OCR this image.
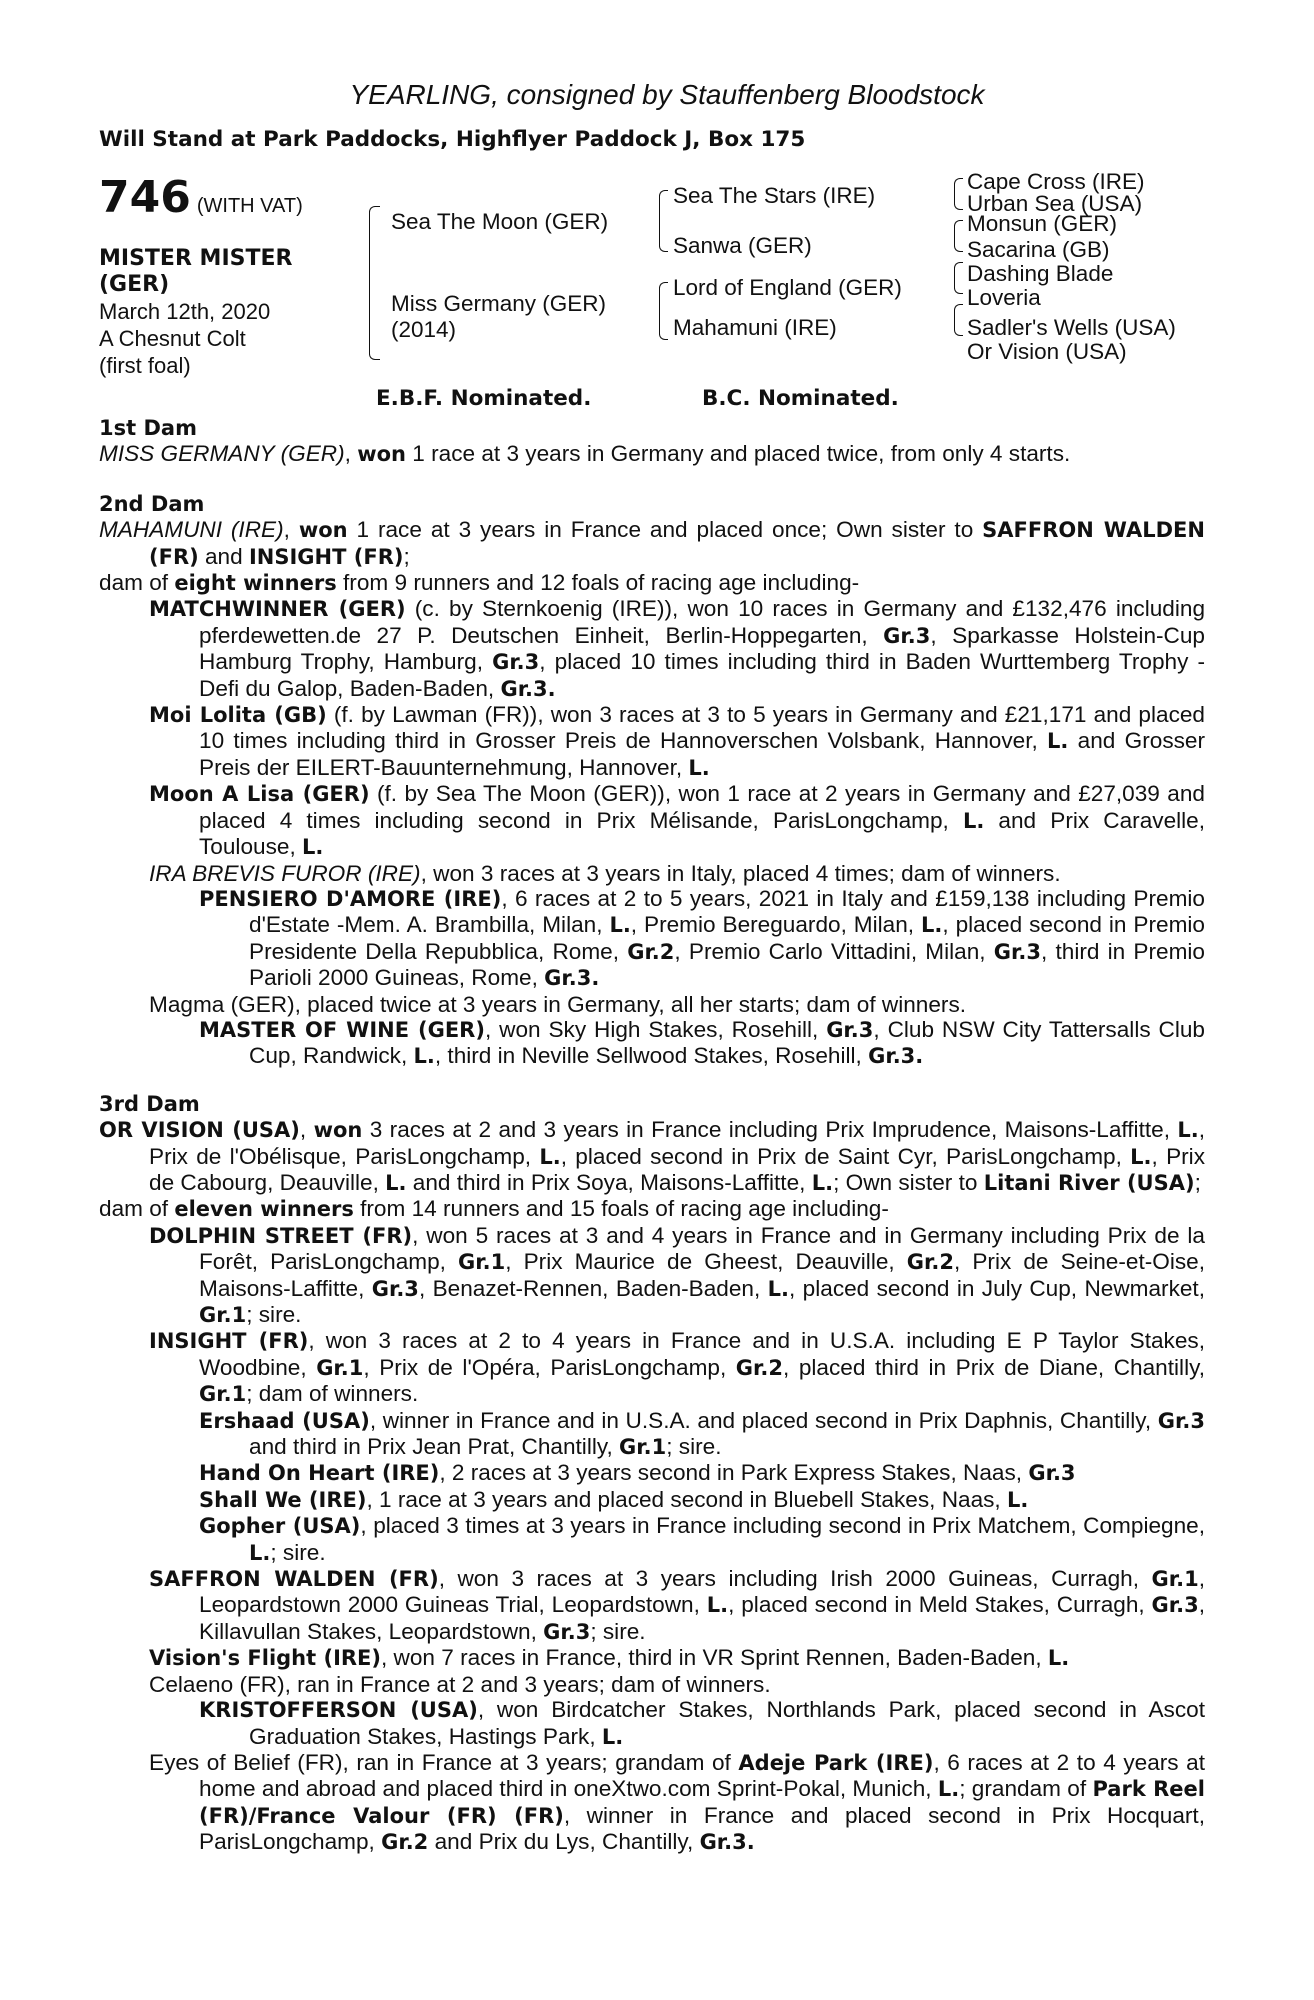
YEARLING, consigned by Stauffenberg Bloodstock
Will Stand at Park Paddocks, Highflyer Paddock J, Box 175
746 (WITH VAT)
MISTER MISTER
(GER)
March 12th, 2020
A Chesnut Colt
(first foal)
Sea The Moon (GER)
Miss Germany (GER)
(2014)
Sea The Stars (IRE)
Sanwa (GER)
Lord of England (GER)
Mahamuni (IRE)
Cape Cross (IRE)
Urban Sea (USA)
Monsun (GER)
Sacarina (GB)
Dashing Blade
Loveria
Sadler's Wells (USA)
Or Vision (USA)
E.B.F. Nominated.	B.C. Nominated.
1st Dam
MISS GERMANY (GER), won 1 race at 3 years in Germany and placed twice, from only 4 starts.
2nd Dam
MAHAMUNI (IRE), won 1 race at 3 years in France and placed once; Own sister to SAFFRON WALDEN (FR) and INSIGHT (FR);
dam of eight winners from 9 runners and 12 foals of racing age including-
MATCHWINNER (GER) (c. by Sternkoenig (IRE)), won 10 races in Germany and £132,476 including pferdewetten.de 27 P. Deutschen Einheit, Berlin-Hoppegarten, Gr.3, Sparkasse Holstein-Cup Hamburg Trophy, Hamburg, Gr.3, placed 10 times including third in Baden Wurttemberg Trophy - Defi du Galop, Baden-Baden, Gr.3.
Moi Lolita (GB) (f. by Lawman (FR)), won 3 races at 3 to 5 years in Germany and £21,171 and placed 10 times including third in Grosser Preis de Hannoverschen Volsbank, Hannover, L. and Grosser Preis der EILERT-Bauunternehmung, Hannover, L.
Moon A Lisa (GER) (f. by Sea The Moon (GER)), won 1 race at 2 years in Germany and £27,039 and placed 4 times including second in Prix Mélisande, ParisLongchamp, L. and Prix Caravelle, Toulouse, L.
IRA BREVIS FUROR (IRE), won 3 races at 3 years in Italy, placed 4 times; dam of winners.
PENSIERO D'AMORE (IRE), 6 races at 2 to 5 years, 2021 in Italy and £159,138 including Premio d'Estate -Mem. A. Brambilla, Milan, L., Premio Bereguardo, Milan, L., placed second in Premio Presidente Della Repubblica, Rome, Gr.2, Premio Carlo Vittadini, Milan, Gr.3, third in Premio Parioli 2000 Guineas, Rome, Gr.3.
Magma (GER), placed twice at 3 years in Germany, all her starts; dam of winners.
MASTER OF WINE (GER), won Sky High Stakes, Rosehill, Gr.3, Club NSW City Tattersalls Club Cup, Randwick, L., third in Neville Sellwood Stakes, Rosehill, Gr.3.
3rd Dam
OR VISION (USA), won 3 races at 2 and 3 years in France including Prix Imprudence, Maisons-Laffitte, L., Prix de l'Obélisque, ParisLongchamp, L., placed second in Prix de Saint Cyr, ParisLongchamp, L., Prix de Cabourg, Deauville, L. and third in Prix Soya, Maisons-Laffitte, L.; Own sister to Litani River (USA);
dam of eleven winners from 14 runners and 15 foals of racing age including-
DOLPHIN STREET (FR), won 5 races at 3 and 4 years in France and in Germany including Prix de la Forêt, ParisLongchamp, Gr.1, Prix Maurice de Gheest, Deauville, Gr.2, Prix de Seine-et-Oise, Maisons-Laffitte, Gr.3, Benazet-Rennen, Baden-Baden, L., placed second in July Cup, Newmarket, Gr.1; sire.
INSIGHT (FR), won 3 races at 2 to 4 years in France and in U.S.A. including E P Taylor Stakes, Woodbine, Gr.1, Prix de l'Opéra, ParisLongchamp, Gr.2, placed third in Prix de Diane, Chantilly, Gr.1; dam of winners.
Ershaad (USA), winner in France and in U.S.A. and placed second in Prix Daphnis, Chantilly, Gr.3 and third in Prix Jean Prat, Chantilly, Gr.1; sire.
Hand On Heart (IRE), 2 races at 3 years second in Park Express Stakes, Naas, Gr.3
Shall We (IRE), 1 race at 3 years and placed second in Bluebell Stakes, Naas, L.
Gopher (USA), placed 3 times at 3 years in France including second in Prix Matchem, Compiegne, L.; sire.
SAFFRON WALDEN (FR), won 3 races at 3 years including Irish 2000 Guineas, Curragh, Gr.1, Leopardstown 2000 Guineas Trial, Leopardstown, L., placed second in Meld Stakes, Curragh, Gr.3, Killavullan Stakes, Leopardstown, Gr.3; sire.
Vision's Flight (IRE), won 7 races in France, third in VR Sprint Rennen, Baden-Baden, L.
Celaeno (FR), ran in France at 2 and 3 years; dam of winners.
KRISTOFFERSON (USA), won Birdcatcher Stakes, Northlands Park, placed second in Ascot Graduation Stakes, Hastings Park, L.
Eyes of Belief (FR), ran in France at 3 years; grandam of Adeje Park (IRE), 6 races at 2 to 4 years at home and abroad and placed third in oneXtwo.com Sprint-Pokal, Munich, L.; grandam of Park Reel (FR)/France Valour (FR) (FR), winner in France and placed second in Prix Hocquart, ParisLongchamp, Gr.2 and Prix du Lys, Chantilly, Gr.3.
